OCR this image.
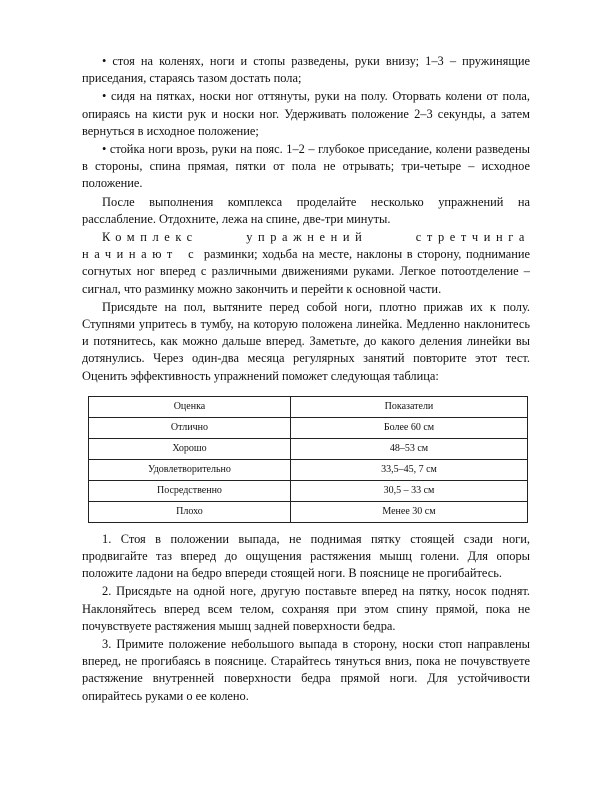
• стоя на коленях, ноги и стопы разведены, руки внизу; 1–3 – пружинящие приседания, стараясь тазом достать пола;

• сидя на пятках, носки ног оттянуты, руки на полу. Оторвать колени от пола, опираясь на кисти рук и носки ног. Удерживать положение 2–3 секунды, а затем вернуться в исходное положение;

• стойка ноги врозь, руки на пояс. 1–2 – глубокое приседание, колени разведены в стороны, спина прямая, пятки от пола не отрывать; три-четыре – исходное положение.

После выполнения комплекса проделайте несколько упражнений на расслабление. Отдохните, лежа на спине, две-три минуты.

Комплекс упражнений стретчинга начинают с разминки; ходьба на месте, наклоны в сторону, поднимание согнутых ног вперед с различными движениями руками. Легкое потоотделение – сигнал, что разминку можно закончить и перейти к основной части.

Присядьте на пол, вытяните перед собой ноги, плотно прижав их к полу. Ступнями упритесь в тумбу, на которую положена линейка. Медленно наклонитесь и потянитесь, как можно дальше вперед. Заметьте, до какого деления линейки вы дотянулись. Через один-два месяца регулярных занятий повторите этот тест. Оценить эффективность упражнений поможет следующая таблица:

Оценка	Показатели
Отлично	Более 60 см
Хорошо	48–53 см
Удовлетворительно	33,5–45, 7 см
Посредственно	30,5 – 33 см
Плохо	Менее 30 см

1. Стоя в положении выпада, не поднимая пятку стоящей сзади ноги, продвигайте таз вперед до ощущения растяжения мышц голени. Для опоры положите ладони на бедро впереди стоящей ноги. В пояснице не прогибайтесь.

2. Присядьте на одной ноге, другую поставьте вперед на пятку, носок поднят. Наклоняйтесь вперед всем телом, сохраняя при этом спину прямой, пока не почувствуете растяжения мышц задней поверхности бедра.

3. Примите положение небольшого выпада в сторону, носки стоп направлены вперед, не прогибаясь в пояснице. Старайтесь тянуться вниз, пока не почувствуете растяжение внутренней поверхности бедра прямой ноги. Для устойчивости опирайтесь руками о ее колено.
